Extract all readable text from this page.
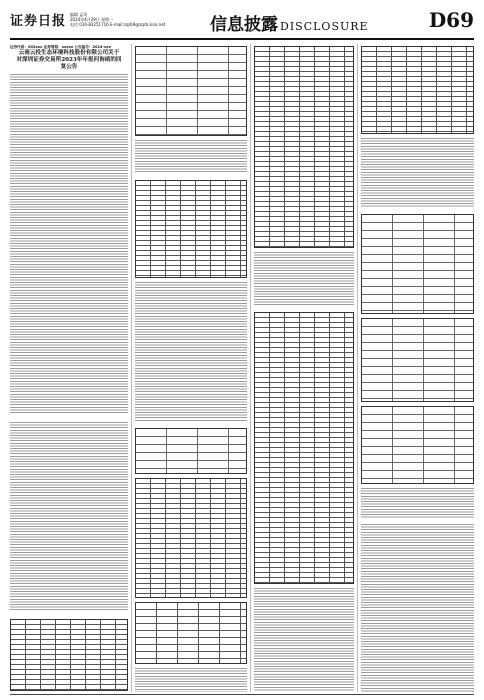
证券日报 编辑 孟珂
2024年4月29日 星期一
电话 010-83251716 E-mail:zqrb9@zqrb.sina.net	信息披露 DISCLOSURE	D69
证券代码：002xxx 证券简称：xxxxx 公告编号：2024-xxx
云南云投生态环境科技股份有限公司关于对深圳证券交易所2023年年报问询函的回复公告
